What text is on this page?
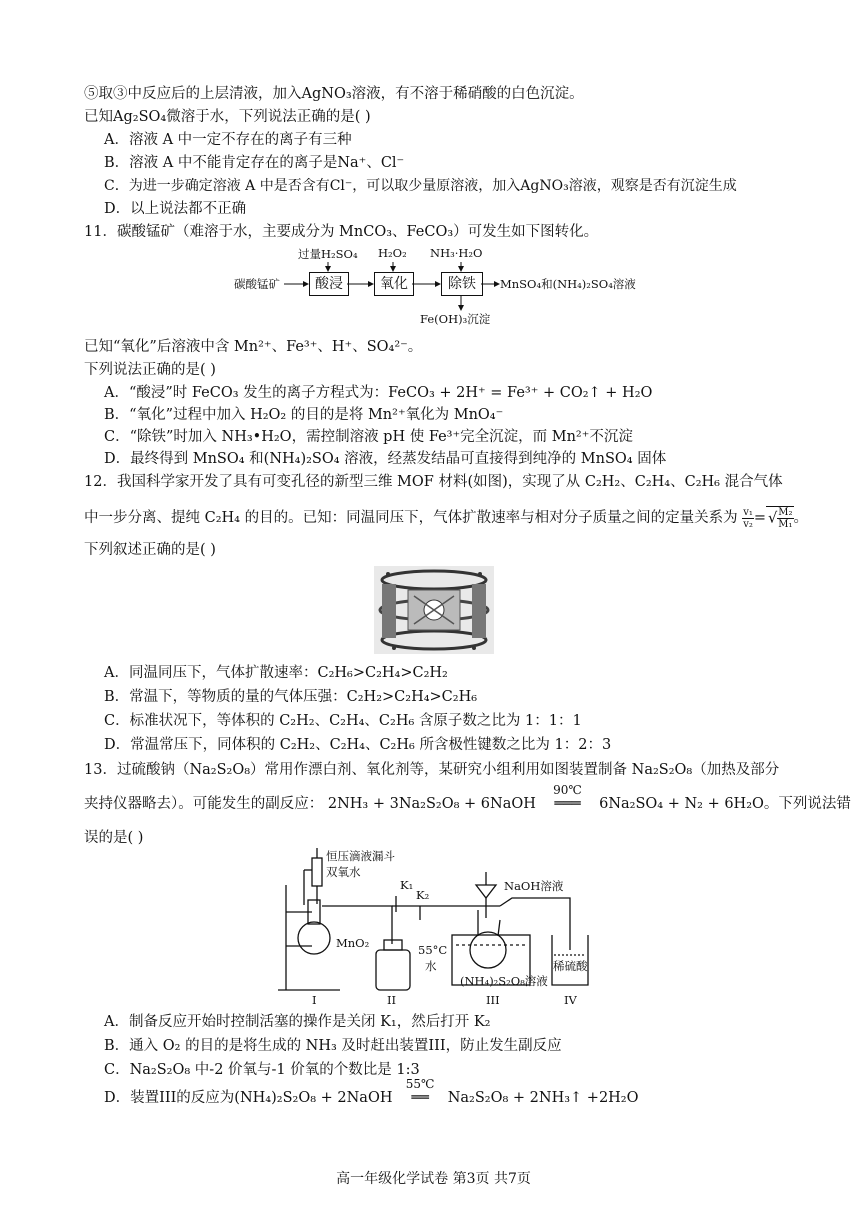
⑤取③中反应后的上层清液，加入AgNO₃溶液，有不溶于稀硝酸的白色沉淀。
已知Ag₂SO₄微溶于水，下列说法正确的是( )
A．溶液 A 中一定不存在的离子有三种
B．溶液 A 中不能肯定存在的离子是Na⁺、Cl⁻
C．为进一步确定溶液 A 中是否含有Cl⁻，可以取少量原溶液，加入AgNO₃溶液，观察是否有沉淀生成
D．以上说法都不正确
11．碳酸锰矿（难溶于水，主要成分为 MnCO₃、FeCO₃）可发生如下图转化。
过量H₂SO₄ H₂O₂ NH₃·H₂O
碳酸锰矿	酸浸	氧化	除铁	MnSO₄和(NH₄)₂SO₄溶液
Fe(OH)₃沉淀
已知“氧化”后溶液中含 Mn²⁺、Fe³⁺、H⁺、SO₄²⁻。
下列说法正确的是( )
A．“酸浸”时 FeCO₃ 发生的离子方程式为：FeCO₃ + 2H⁺ = Fe³⁺ + CO₂↑ + H₂O
B．“氧化”过程中加入 H₂O₂ 的目的是将 Mn²⁺氧化为 MnO₄⁻
C．“除铁”时加入 NH₃•H₂O，需控制溶液 pH 使 Fe³⁺完全沉淀，而 Mn²⁺不沉淀
D．最终得到 MnSO₄ 和(NH₄)₂SO₄ 溶液，经蒸发结晶可直接得到纯净的 MnSO₄ 固体
12．我国科学家开发了具有可变孔径的新型三维 MOF 材料(如图)，实现了从 C₂H₂、C₂H₄、C₂H₆ 混合气体
中一步分离、提纯 C₂H₄ 的目的。已知：同温同压下，气体扩散速率与相对分子质量之间的定量关系为 $\frac{\text{v₁}}{\text{v₂}}$ = √ $\frac{\text{M₂}}{\text{M₁}}$ 。
下列叙述正确的是( )
A．同温同压下，气体扩散速率：C₂H₆>C₂H₄>C₂H₂
B．常温下，等物质的量的气体压强：C₂H₂>C₂H₄>C₂H₆
C．标准状况下，等体积的 C₂H₂、C₂H₄、C₂H₆ 含原子数之比为 1：1：1
D．常温常压下，同体积的 C₂H₂、C₂H₄、C₂H₆ 所含极性键数之比为 1：2：3
13．过硫酸钠（Na₂S₂O₈）常用作漂白剂、氧化剂等，某研究小组利用如图装置制备 Na₂S₂O₈（加热及部分
夹持仪器略去）。可能发生的副反应： 2NH₃ + 3Na₂S₂O₈ + 6NaOH
90℃
═══ 6Na₂SO₄ + N₂ + 6H₂O。下列说法错
误的是( )
恒压滴液漏斗
双氧水
MnO₂
K₁
K₂
NaOH溶液
55°C
水
(NH₄)₂S₂O₈溶液
稀硫酸
I	II	III	IV
A．制备反应开始时控制活塞的操作是关闭 K₁，然后打开 K₂
B．通入 O₂ 的目的是将生成的 NH₃ 及时赶出装置III，防止发生副反应
C．Na₂S₂O₈ 中-2 价氧与-1 价氧的个数比是 1:3
D．装置III的反应为(NH₄)₂S₂O₈ + 2NaOH
55℃
══ Na₂S₂O₈ + 2NH₃↑ +2H₂O
高一年级化学试卷 第3页 共7页
